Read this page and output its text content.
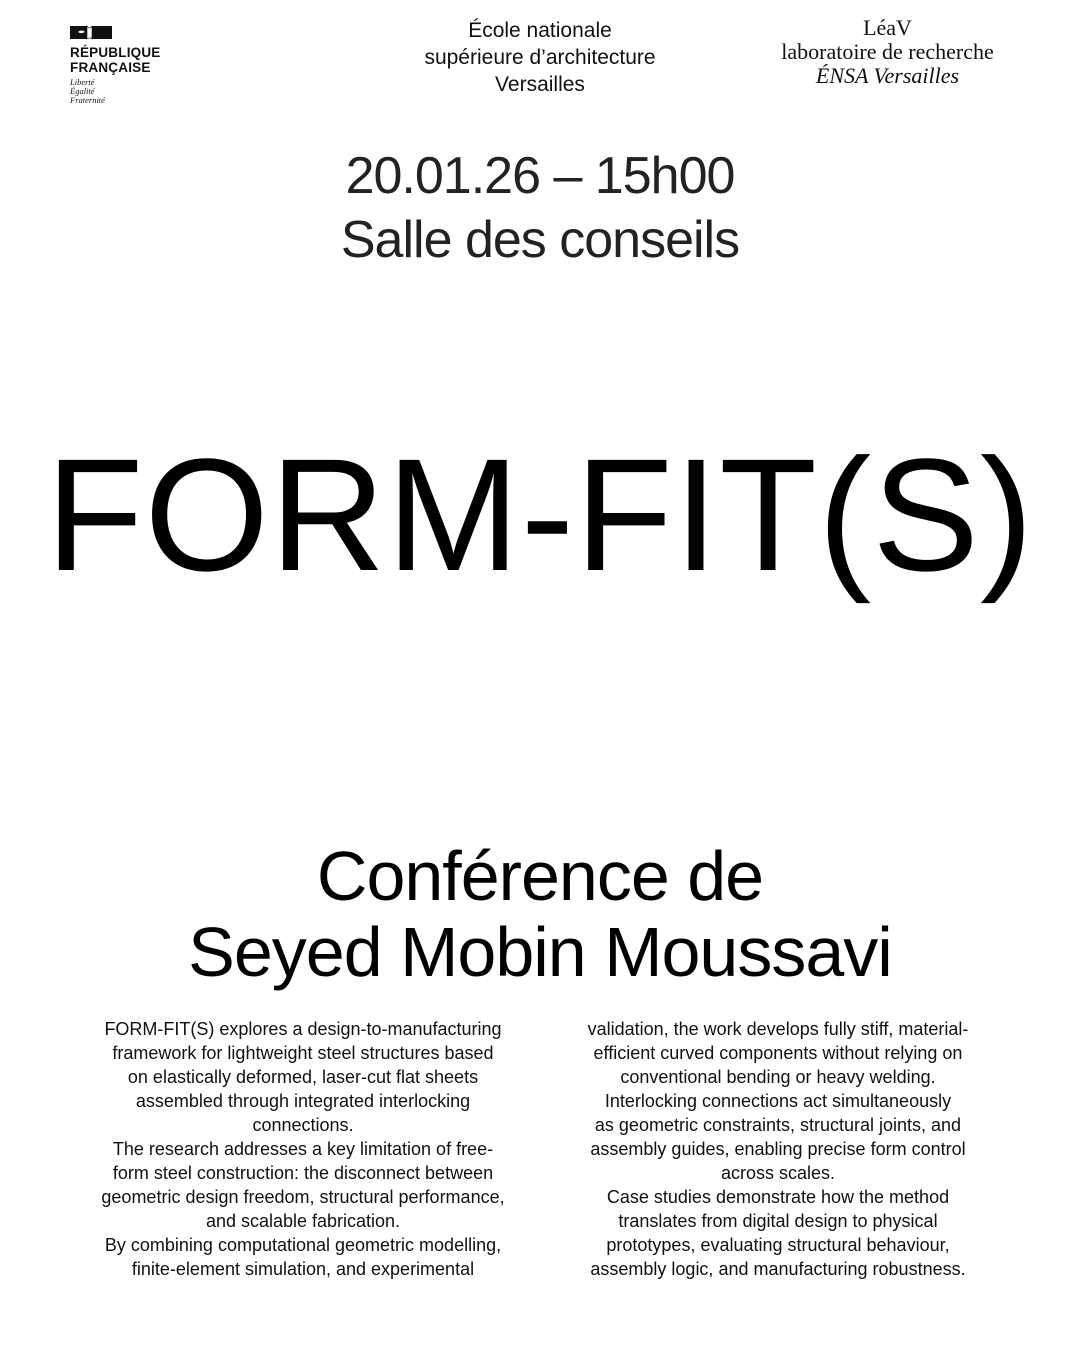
RÉPUBLIQUE
FRANÇAISE
Liberté
Égalité
Fraternité
École nationale
supérieure d’architecture
Versailles
LéaV
laboratoire de recherche
ÉNSA Versailles
20.01.26 – 15h00
Salle des conseils
FORM-FIT(S)
Conférence de
Seyed Mobin Moussavi
FORM-FIT(S) explores a design-to-manufacturing
framework for lightweight steel structures based
on elastically deformed, laser-cut flat sheets
assembled through integrated interlocking
connections.
The research addresses a key limitation of free-
form steel construction: the disconnect between
geometric design freedom, structural performance,
and scalable fabrication.
By combining computational geometric modelling,
finite-element simulation, and experimental
validation, the work develops fully stiff, material-
efficient curved components without relying on
conventional bending or heavy welding.
Interlocking connections act simultaneously
as geometric constraints, structural joints, and
assembly guides, enabling precise form control
across scales.
Case studies demonstrate how the method
translates from digital design to physical
prototypes, evaluating structural behaviour,
assembly logic, and manufacturing robustness.
